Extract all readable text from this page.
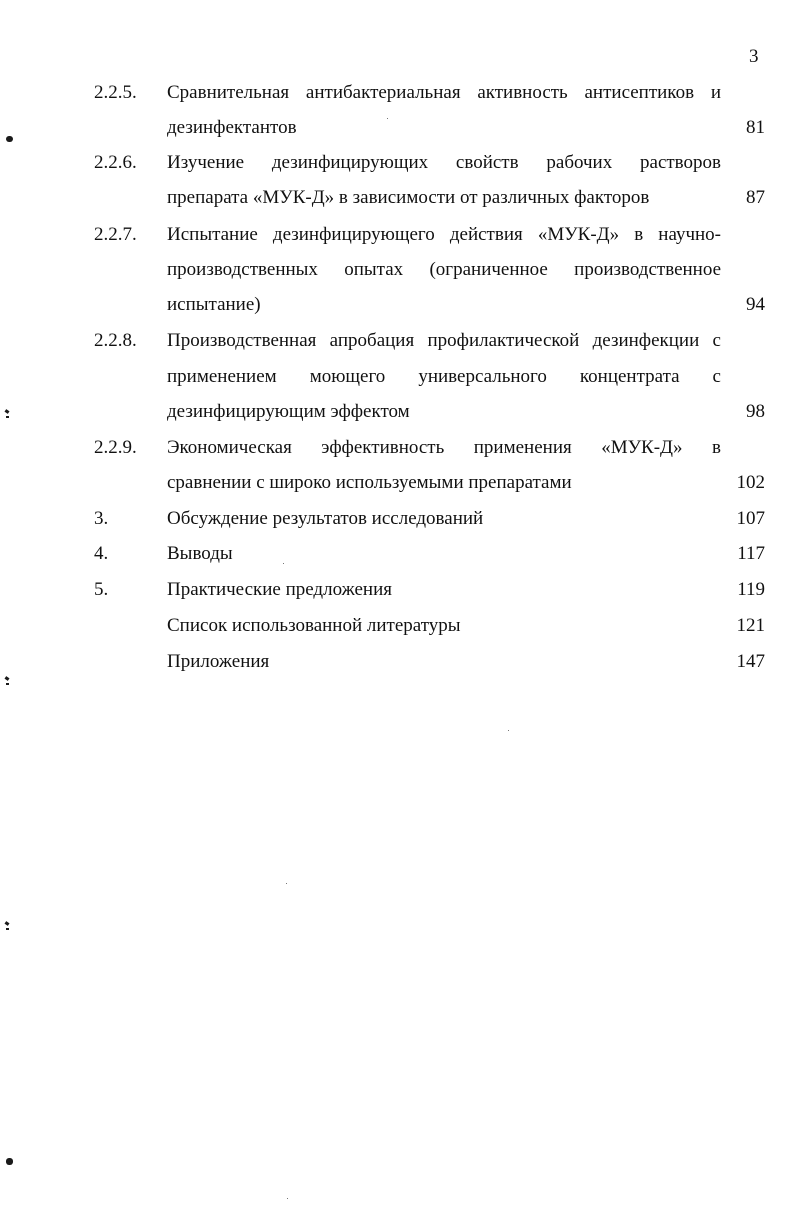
3
2.2.5. Сравнительная антибактериальная активность антисептиков и
дезинфектантов	81
2.2.6. Изучение дезинфицирующих свойств рабочих растворов
препарата «МУК-Д» в зависимости от различных факторов	87
2.2.7. Испытание дезинфицирующего действия «МУК-Д» в научно-
производственных опытах (ограниченное производственное
испытание)	94
2.2.8. Производственная апробация профилактической дезинфекции с
применением моющего универсального концентрата с
дезинфицирующим эффектом	98
2.2.9. Экономическая эффективность применения «МУК-Д» в
сравнении с широко используемыми препаратами	102
3.	Обсуждение результатов исследований	107
4.	Выводы	117
5.	Практические предложения	119
Список использованной литературы	121
Приложения	147
